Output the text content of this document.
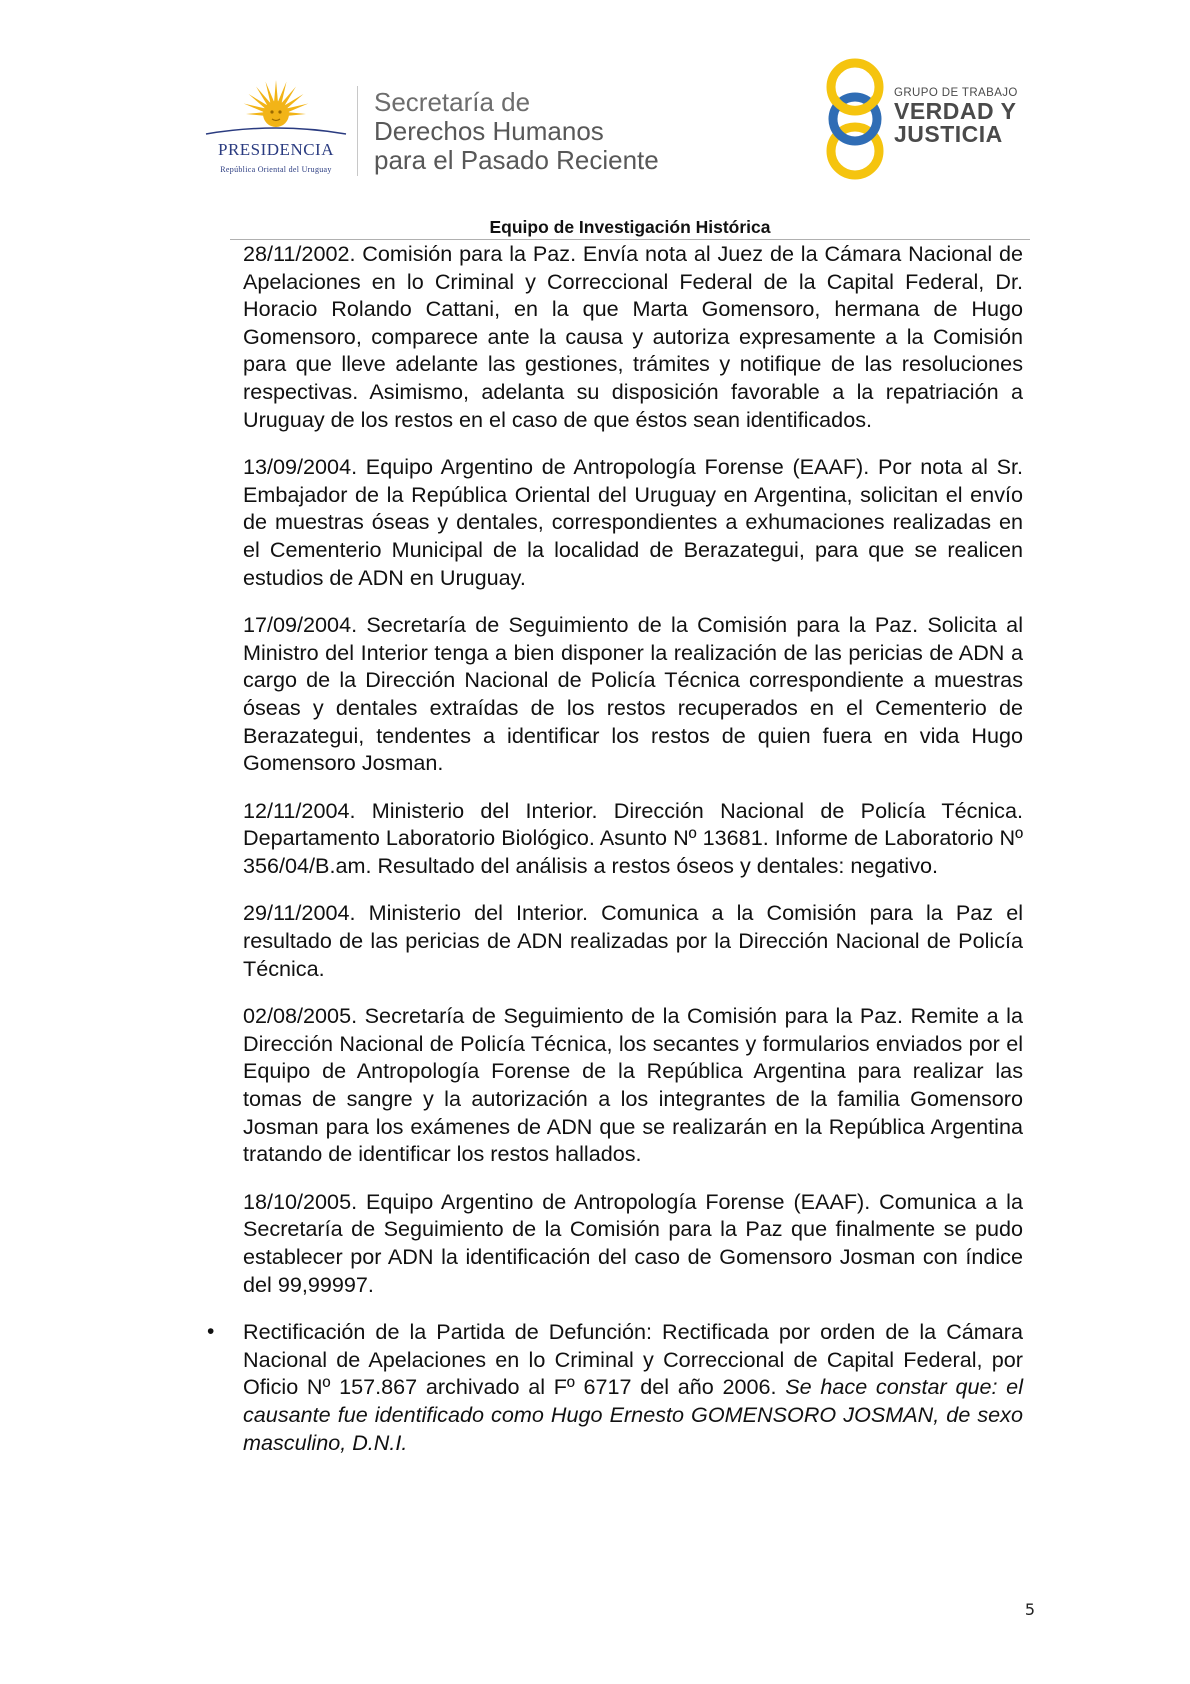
PRESIDENCIA
República Oriental del Uruguay
Secretaría de
Derechos Humanos
para el Pasado Reciente
GRUPO DE TRABAJO
VERDAD Y
JUSTICIA
Equipo de Investigación Histórica

28/11/2002. Comisión para la Paz. Envía nota al Juez de la Cámara Nacional de Apelaciones en lo Criminal y Correccional Federal de la Capital Federal, Dr. Horacio Rolando Cattani, en la que Marta Gomensoro, hermana de Hugo Gomensoro, comparece ante la causa y autoriza expresamente a la Comisión para que lleve adelante las gestiones, trámites y notifique de las resoluciones respectivas. Asimismo, adelanta su disposición favorable a la repatriación a Uruguay de los restos en el caso de que éstos sean identificados.

13/09/2004. Equipo Argentino de Antropología Forense (EAAF). Por nota al Sr. Embajador de la República Oriental del Uruguay en Argentina, solicitan el envío de muestras óseas y dentales, correspondientes a exhumaciones realizadas en el Cementerio Municipal de la localidad de Berazategui, para que se realicen estudios de ADN en Uruguay.

17/09/2004. Secretaría de Seguimiento de la Comisión para la Paz. Solicita al Ministro del Interior tenga a bien disponer la realización de las pericias de ADN a cargo de la Dirección Nacional de Policía Técnica correspondiente a muestras óseas y dentales extraídas de los restos recuperados en el Cementerio de Berazategui, tendentes a identificar los restos de quien fuera en vida Hugo Gomensoro Josman.

12/11/2004. Ministerio del Interior. Dirección Nacional de Policía Técnica. Departamento Laboratorio Biológico. Asunto Nº 13681. Informe de Laboratorio Nº 356/04/B.am. Resultado del análisis a restos óseos y dentales: negativo.

29/11/2004. Ministerio del Interior. Comunica a la Comisión para la Paz el resultado de las pericias de ADN realizadas por la Dirección Nacional de Policía Técnica.

02/08/2005. Secretaría de Seguimiento de la Comisión para la Paz. Remite a la Dirección Nacional de Policía Técnica, los secantes y formularios enviados por el Equipo de Antropología Forense de la República Argentina para realizar las tomas de sangre y la autorización a los integrantes de la familia Gomensoro Josman para los exámenes de ADN que se realizarán en la República Argentina tratando de identificar los restos hallados.

18/10/2005. Equipo Argentino de Antropología Forense (EAAF). Comunica a la Secretaría de Seguimiento de la Comisión para la Paz que finalmente se pudo establecer por ADN la identificación del caso de Gomensoro Josman con índice del 99,99997.

• Rectificación de la Partida de Defunción: Rectificada por orden de la Cámara Nacional de Apelaciones en lo Criminal y Correccional de Capital Federal, por Oficio Nº 157.867 archivado al Fº 6717 del año 2006. Se hace constar que: el causante fue identificado como Hugo Ernesto GOMENSORO JOSMAN, de sexo masculino, D.N.I.

5
